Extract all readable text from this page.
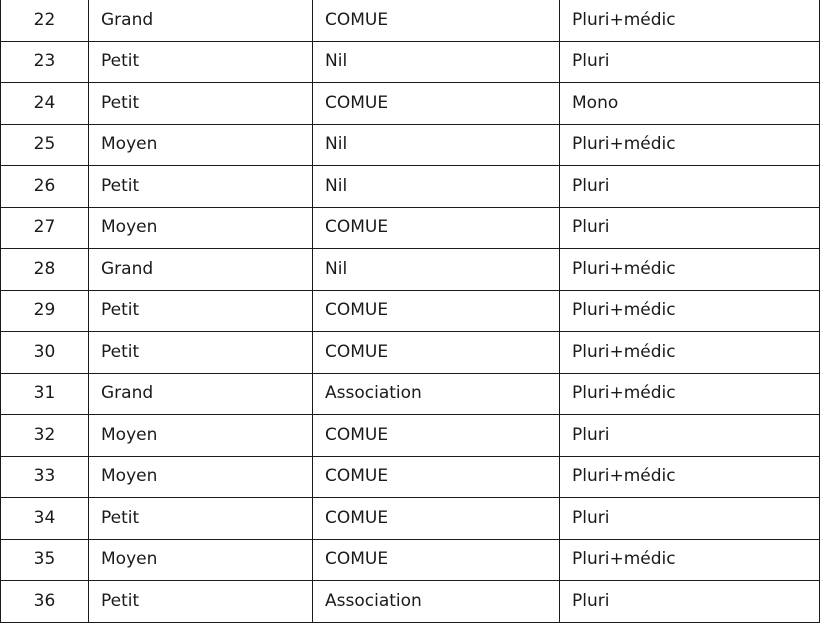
22	Grand	COMUE	Pluri+médic
23	Petit	Nil	Pluri
24	Petit	COMUE	Mono
25	Moyen	Nil	Pluri+médic
26	Petit	Nil	Pluri
27	Moyen	COMUE	Pluri
28	Grand	Nil	Pluri+médic
29	Petit	COMUE	Pluri+médic
30	Petit	COMUE	Pluri+médic
31	Grand	Association	Pluri+médic
32	Moyen	COMUE	Pluri
33	Moyen	COMUE	Pluri+médic
34	Petit	COMUE	Pluri
35	Moyen	COMUE	Pluri+médic
36	Petit	Association	Pluri
